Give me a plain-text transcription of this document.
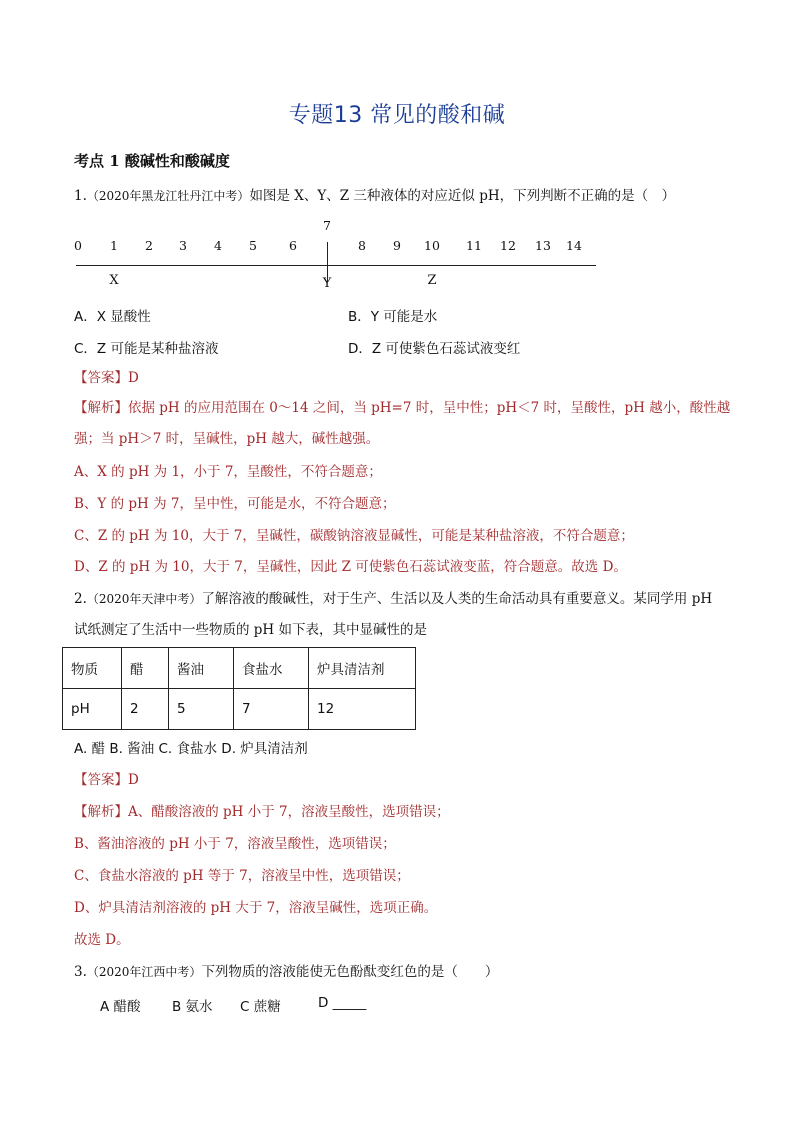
专题13 常见的酸和碱
考点 1 酸碱性和酸碱度
1.（2020年黑龙江牡丹江中考）如图是 X、Y、Z 三种液体的对应近似 pH，下列判断不正确的是（　）
0 1 2 3 4 5	6
7
8 9 10 11 12 13 14
X	Y	Z
A．X 显酸性	B．Y 可能是水
C．Z 可能是某种盐溶液	D．Z 可使紫色石蕊试液变红
【答案】D
【解析】依据 pH 的应用范围在 0～14 之间，当 pH=7 时，呈中性；pH＜7 时，呈酸性，pH 越小，酸性越
强；当 pH＞7 时，呈碱性，pH 越大，碱性越强。
A、X 的 pH 为 1，小于 7，呈酸性，不符合题意；
B、Y 的 pH 为 7，呈中性，可能是水，不符合题意；
C、Z 的 pH 为 10，大于 7，呈碱性，碳酸钠溶液显碱性，可能是某种盐溶液，不符合题意；
D、Z 的 pH 为 10，大于 7，呈碱性，因此 Z 可使紫色石蕊试液变蓝，符合题意。故选 D。
2.（2020年天津中考）了解溶液的酸碱性，对于生产、生活以及人类的生命活动具有重要意义。某同学用 pH
试纸测定了生活中一些物质的 pH 如下表，其中显碱性的是
物质	醋	酱油	食盐水	炉具清洁剂
pH	2	5	7	12
A. 醋 B. 酱油 C. 食盐水 D. 炉具清洁剂
【答案】D
【解析】A、醋酸溶液的 pH 小于 7，溶液呈酸性，选项错误；
B、酱油溶液的 pH 小于 7，溶液呈酸性，选项错误；
C、食盐水溶液的 pH 等于 7，溶液呈中性，选项错误；
D、炉具清洁剂溶液的 pH 大于 7，溶液呈碱性，选项正确。
故选 D。
3.（2020年江西中考）下列物质的溶液能使无色酚酞变红色的是（　　）
A 醋酸 B 氨水 C 蔗糖	D _____
